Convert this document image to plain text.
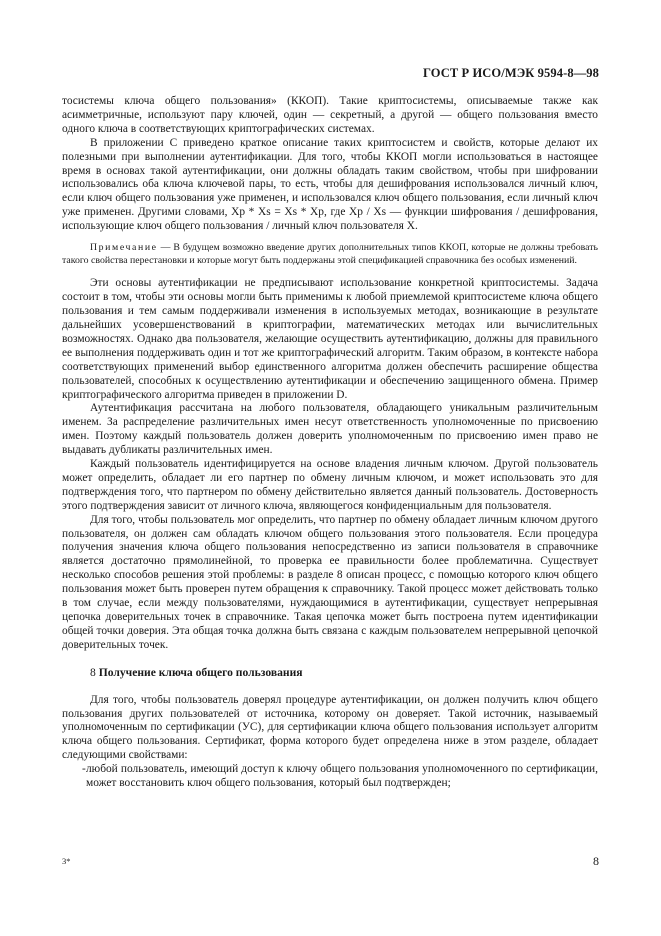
ГОСТ Р ИСО/МЭК 9594-8—98

тосистемы ключа общего пользования» (ККОП). Такие криптосистемы, описываемые также как асимметричные, используют пару ключей, один — секретный, а другой — общего пользования вместо одного ключа в соответствующих криптографических системах.

В приложении С приведено краткое описание таких криптосистем и свойств, которые делают их полезными при выполнении аутентификации. Для того, чтобы ККОП могли использоваться в настоящее время в основах такой аутентификации, они должны обладать таким свойством, чтобы при шифровании использовались оба ключа ключевой пары, то есть, чтобы для дешифрования использовался личный ключ, если ключ общего пользования уже применен, и использовался ключ общего пользования, если личный ключ уже применен. Другими словами, Xp * Xs = Xs * Xp, где Xp / Xs — функции шифрования / дешифрования, использующие ключ общего пользования / личный ключ пользователя X.

Примечание — В будущем возможно введение других дополнительных типов ККОП, которые не должны требовать такого свойства перестановки и которые могут быть поддержаны этой спецификацией справочника без особых изменений.

Эти основы аутентификации не предписывают использование конкретной криптосистемы. Задача состоит в том, чтобы эти основы могли быть применимы к любой приемлемой криптосистеме ключа общего пользования и тем самым поддерживали изменения в используемых методах, возникающие в результате дальнейших усовершенствований в криптографии, математических методах или вычислительных возможностях. Однако два пользователя, желающие осуществить аутентификацию, должны для правильного ее выполнения поддерживать один и тот же криптографический алгоритм. Таким образом, в контексте набора соответствующих применений выбор единственного алгоритма должен обеспечить расширение общества пользователей, способных к осуществлению аутентификации и обеспечению защищенного обмена. Пример криптографического алгоритма приведен в приложении D.

Аутентификация рассчитана на любого пользователя, обладающего уникальным различительным именем. За распределение различительных имен несут ответственность уполномоченные по присвоению имен. Поэтому каждый пользователь должен доверить уполномоченным по присвоению имен право не выдавать дубликаты различительных имен.

Каждый пользователь идентифицируется на основе владения личным ключом. Другой пользователь может определить, обладает ли его партнер по обмену личным ключом, и может использовать это для подтверждения того, что партнером по обмену действительно является данный пользователь. Достоверность этого подтверждения зависит от личного ключа, являющегося конфиденциальным для пользователя.

Для того, чтобы пользователь мог определить, что партнер по обмену обладает личным ключом другого пользователя, он должен сам обладать ключом общего пользования этого пользователя. Если процедура получения значения ключа общего пользования непосредственно из записи пользователя в справочнике является достаточно прямолинейной, то проверка ее правильности более проблематична. Существует несколько способов решения этой проблемы: в разделе 8 описан процесс, с помощью которого ключ общего пользования может быть проверен путем обращения к справочнику. Такой процесс может действовать только в том случае, если между пользователями, нуждающимися в аутентификации, существует непрерывная цепочка доверительных точек в справочнике. Такая цепочка может быть построена путем идентификации общей точки доверия. Эта общая точка должна быть связана с каждым пользователем непрерывной цепочкой доверительных точек.

8 Получение ключа общего пользования

Для того, чтобы пользователь доверял процедуре аутентификации, он должен получить ключ общего пользования других пользователей от источника, которому он доверяет. Такой источник, называемый уполномоченным по сертификации (УС), для сертификации ключа общего пользования использует алгоритм ключа общего пользования. Сертификат, форма которого будет определена ниже в этом разделе, обладает следующими свойствами:

- любой пользователь, имеющий доступ к ключу общего пользования уполномоченного по сертификации, может восстановить ключ общего пользования, который был подтвержден;

3*	8
